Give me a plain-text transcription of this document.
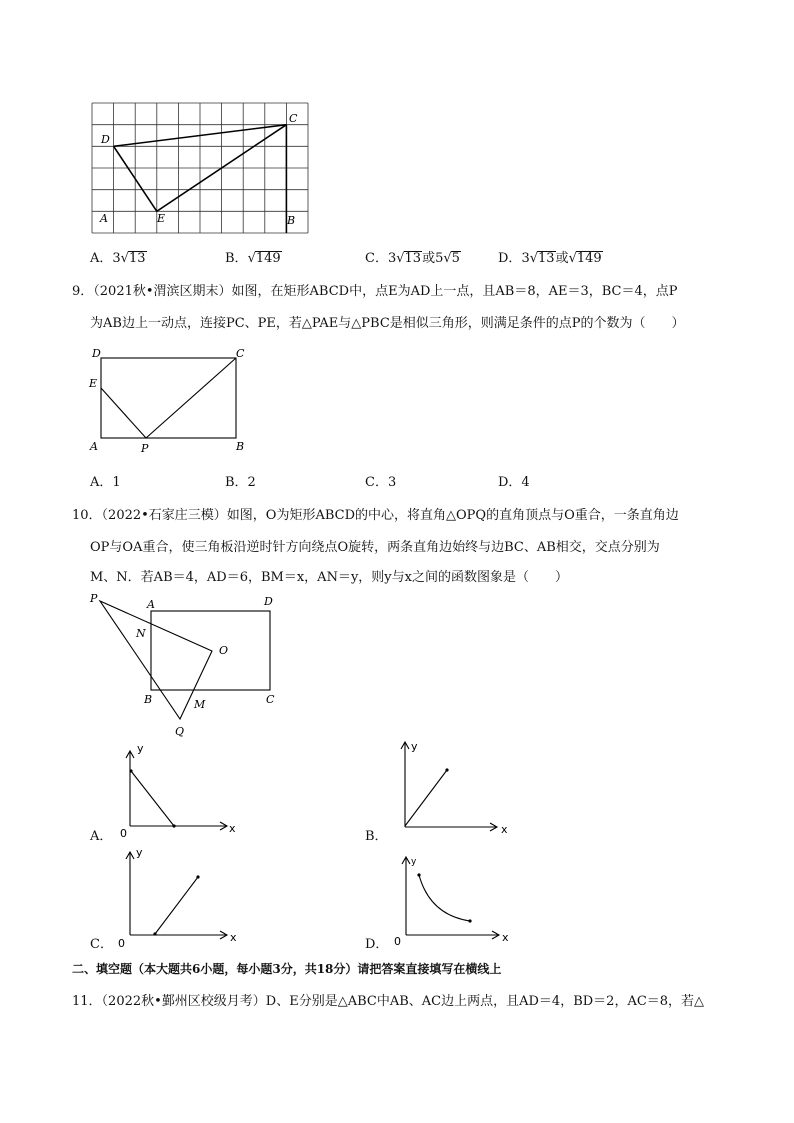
D
C
A	E	B
A．3√13	B．√149	C．3√13或5√5	D．3√13或√149
9．（2021秋•渭滨区期末）如图，在矩形ABCD中，点E为AD上一点，且AB＝8，AE＝3，BC＝4，点P
为AB边上一动点，连接PC、PE，若△PAE与△PBC是相似三角形，则满足条件的点P的个数为（　　）
D	C
E
A	P	B
A．1	B．2	C．3	D．4
10．（2022•石家庄三模）如图，O为矩形ABCD的中心，将直角△OPQ的直角顶点与O重合，一条直角边
OP与OA重合，使三角板沿逆时针方向绕点O旋转，两条直角边始终与边BC、AB相交，交点分别为
M、N．若AB＝4，AD＝6，BM＝x，AN＝y，则y与x之间的函数图象是（　　）
P	A	D
N
O
B	M	C
Q
y
x
0
A．
y
x
B．
y
x
0
C．
y
x
0
D．
二、填空题（本大题共6小题，每小题3分，共18分）请把答案直接填写在横线上
11．（2022秋•鄞州区校级月考）D、E分别是△ABC中AB、AC边上两点，且AD＝4，BD＝2，AC＝8，若△
